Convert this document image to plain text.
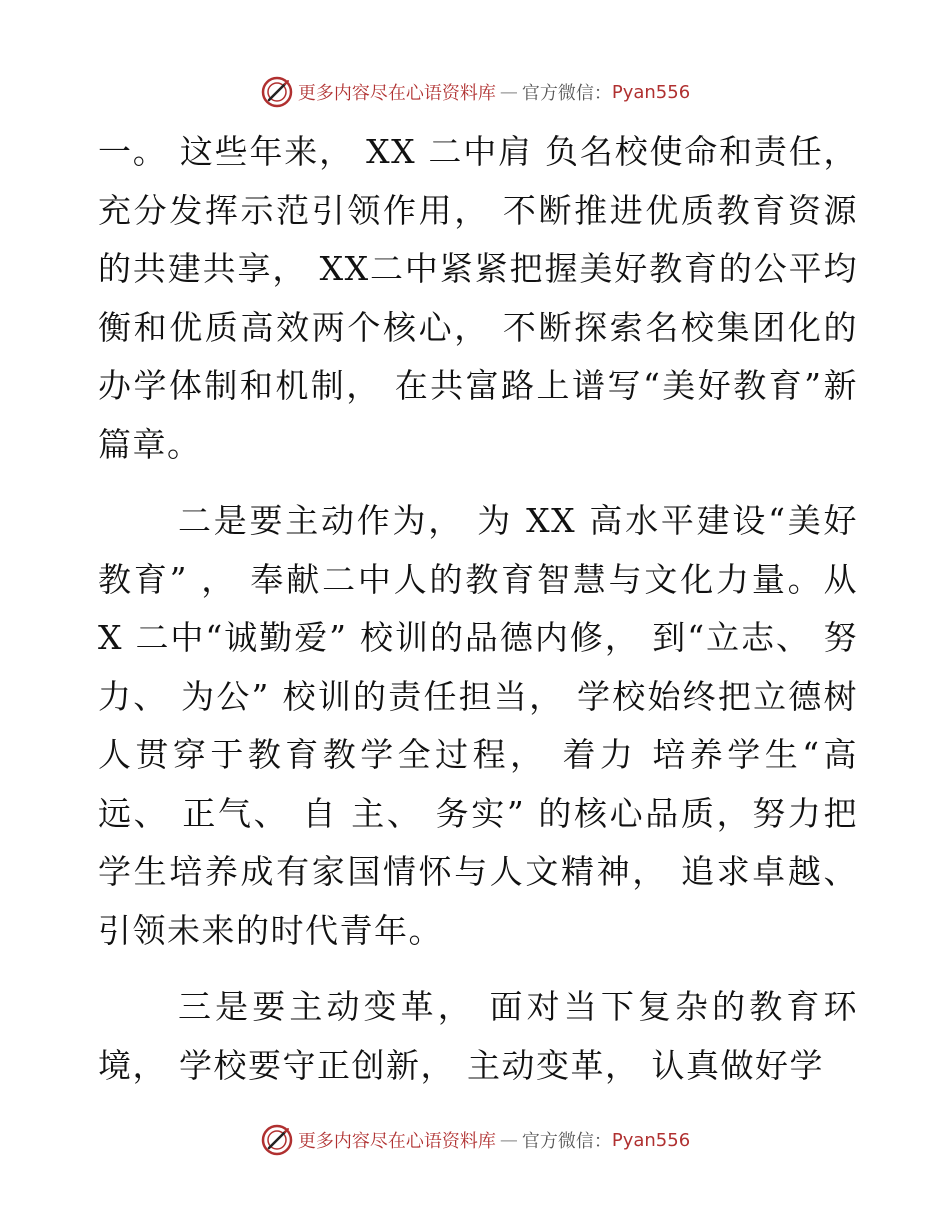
更多内容尽在心语资料库 — 官方微信： Pyan556

一。 这些年来， XX 二中肩 负名校使命和责任，充分发挥示范引领作用， 不断推进优质教育资源的共建共享， XX二中紧紧把握美好教育的公平均衡和优质高效两个核心， 不断探索名校集团化的办学体制和机制， 在共富路上谱写“美好教育”新篇章。

二是要主动作为， 为 XX 高水平建设“美好教育” ， 奉献二中人的教育智慧与文化力量。从 X 二中“诚勤爱” 校训的品德内修， 到“立志、 努力、 为公” 校训的责任担当， 学校始终把立德树人贯穿于教育教学全过程， 着力 培养学生“高远、 正气、 自 主、 务实” 的核心品质，努力把学生培养成有家国情怀与人文精神， 追求卓越、 引领未来的时代青年。

三是要主动变革， 面对当下复杂的教育环境， 学校要守正创新， 主动变革， 认真做好学

更多内容尽在心语资料库 — 官方微信： Pyan556
